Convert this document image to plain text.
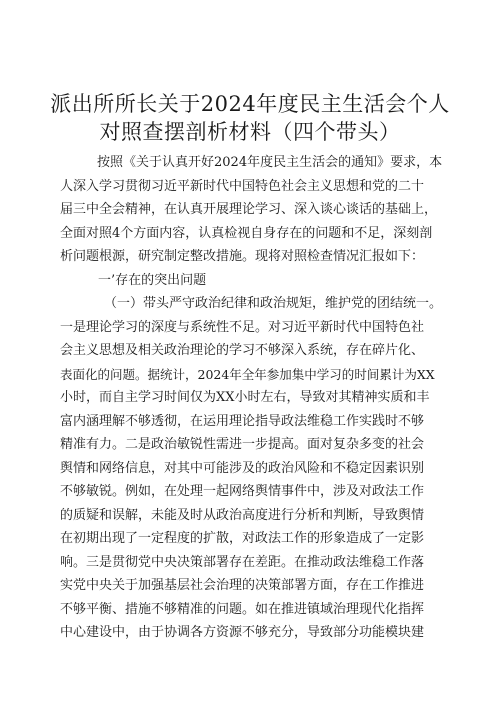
派出所所长关于2024年度民主生活会个人
对照查摆剖析材料（四个带头）
按照《关于认真开好2024年度民主生活会的通知》要求，本
人深入学习贯彻习近平新时代中国特色社会主义思想和党的二十
届三中全会精神，在认真开展理论学习、深入谈心谈话的基础上，
全面对照4个方面内容，认真检视自身存在的问题和不足，深刻剖
析问题根源，研究制定整改措施。现将对照检查情况汇报如下：
一’存在的突出问题
（一）带头严守政治纪律和政治规矩，维护党的团结统一。
一是理论学习的深度与系统性不足。对习近平新时代中国特色社
会主义思想及相关政治理论的学习不够深入系统，存在碎片化、
表面化的问题。据统计，2024年全年参加集中学习的时间累计为XX
小时，而自主学习时间仅为XX小时左右，导致对其精神实质和丰
富内涵理解不够透彻，在运用理论指导政法维稳工作实践时不够
精准有力。二是政治敏锐性需进一步提高。面对复杂多变的社会
舆情和网络信息，对其中可能涉及的政治风险和不稳定因素识别
不够敏锐。例如，在处理一起网络舆情事件中，涉及对政法工作
的质疑和误解，未能及时从政治高度进行分析和判断，导致舆情
在初期出现了一定程度的扩散，对政法工作的形象造成了一定影
响。三是贯彻党中央决策部署存在差距。在推动政法维稳工作落
实党中央关于加强基层社会治理的决策部署方面，存在工作推进
不够平衡、措施不够精准的问题。如在推进镇域治理现代化指挥
中心建设中，由于协调各方资源不够充分，导致部分功能模块建
